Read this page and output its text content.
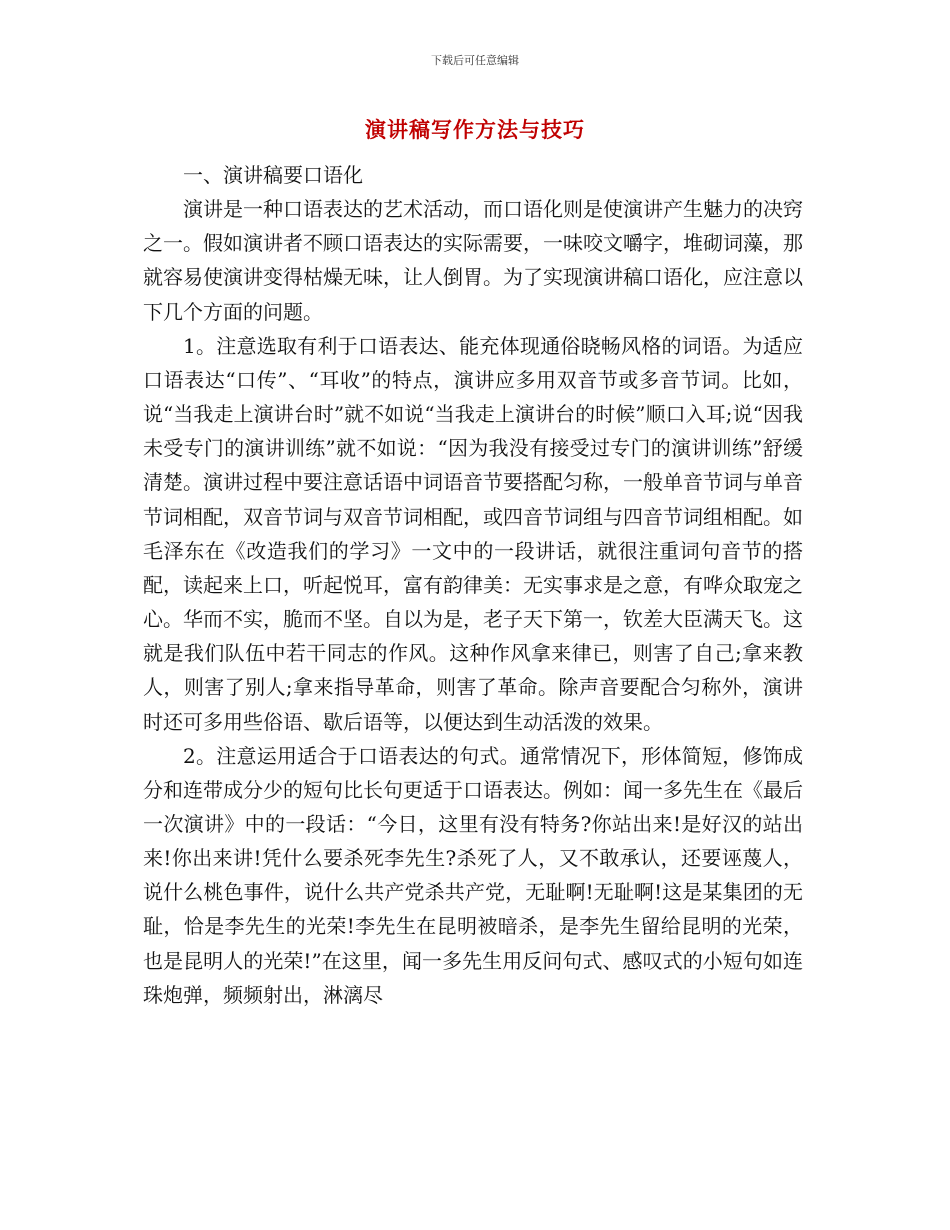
下载后可任意编辑
演讲稿写作方法与技巧

一、演讲稿要口语化

演讲是一种口语表达的艺术活动，而口语化则是使演讲产生魅力的决窍之一。假如演讲者不顾口语表达的实际需要，一味咬文嚼字，堆砌词藻，那就容易使演讲变得枯燥无味，让人倒胃。为了实现演讲稿口语化，应注意以下几个方面的问题。

1。注意选取有利于口语表达、能充体现通俗晓畅风格的词语。为适应口语表达“口传”、“耳收”的特点，演讲应多用双音节或多音节词。比如，说“当我走上演讲台时”就不如说“当我走上演讲台的时候”顺口入耳;说“因我未受专门的演讲训练”就不如说：“因为我没有接受过专门的演讲训练”舒缓清楚。演讲过程中要注意话语中词语音节要搭配匀称，一般单音节词与单音节词相配，双音节词与双音节词相配，或四音节词组与四音节词组相配。如毛泽东在《改造我们的学习》一文中的一段讲话，就很注重词句音节的搭配，读起来上口，听起悦耳，富有韵律美：无实事求是之意，有哗众取宠之心。华而不实，脆而不坚。自以为是，老子天下第一，钦差大臣满天飞。这就是我们队伍中若干同志的作风。这种作风拿来律已，则害了自己;拿来教人，则害了别人;拿来指导革命，则害了革命。除声音要配合匀称外，演讲时还可多用些俗语、歇后语等，以便达到生动活泼的效果。

2。注意运用适合于口语表达的句式。通常情况下，形体简短，修饰成分和连带成分少的短句比长句更适于口语表达。例如：闻一多先生在《最后一次演讲》中的一段话：“今日，这里有没有特务?你站出来!是好汉的站出来!你出来讲!凭什么要杀死李先生?杀死了人，又不敢承认，还要诬蔑人，说什么桃色事件，说什么共产党杀共产党，无耻啊!无耻啊!这是某集团的无耻，恰是李先生的光荣!李先生在昆明被暗杀，是李先生留给昆明的光荣，也是昆明人的光荣!”在这里，闻一多先生用反问句式、感叹式的小短句如连珠炮弹，频频射出，淋漓尽
